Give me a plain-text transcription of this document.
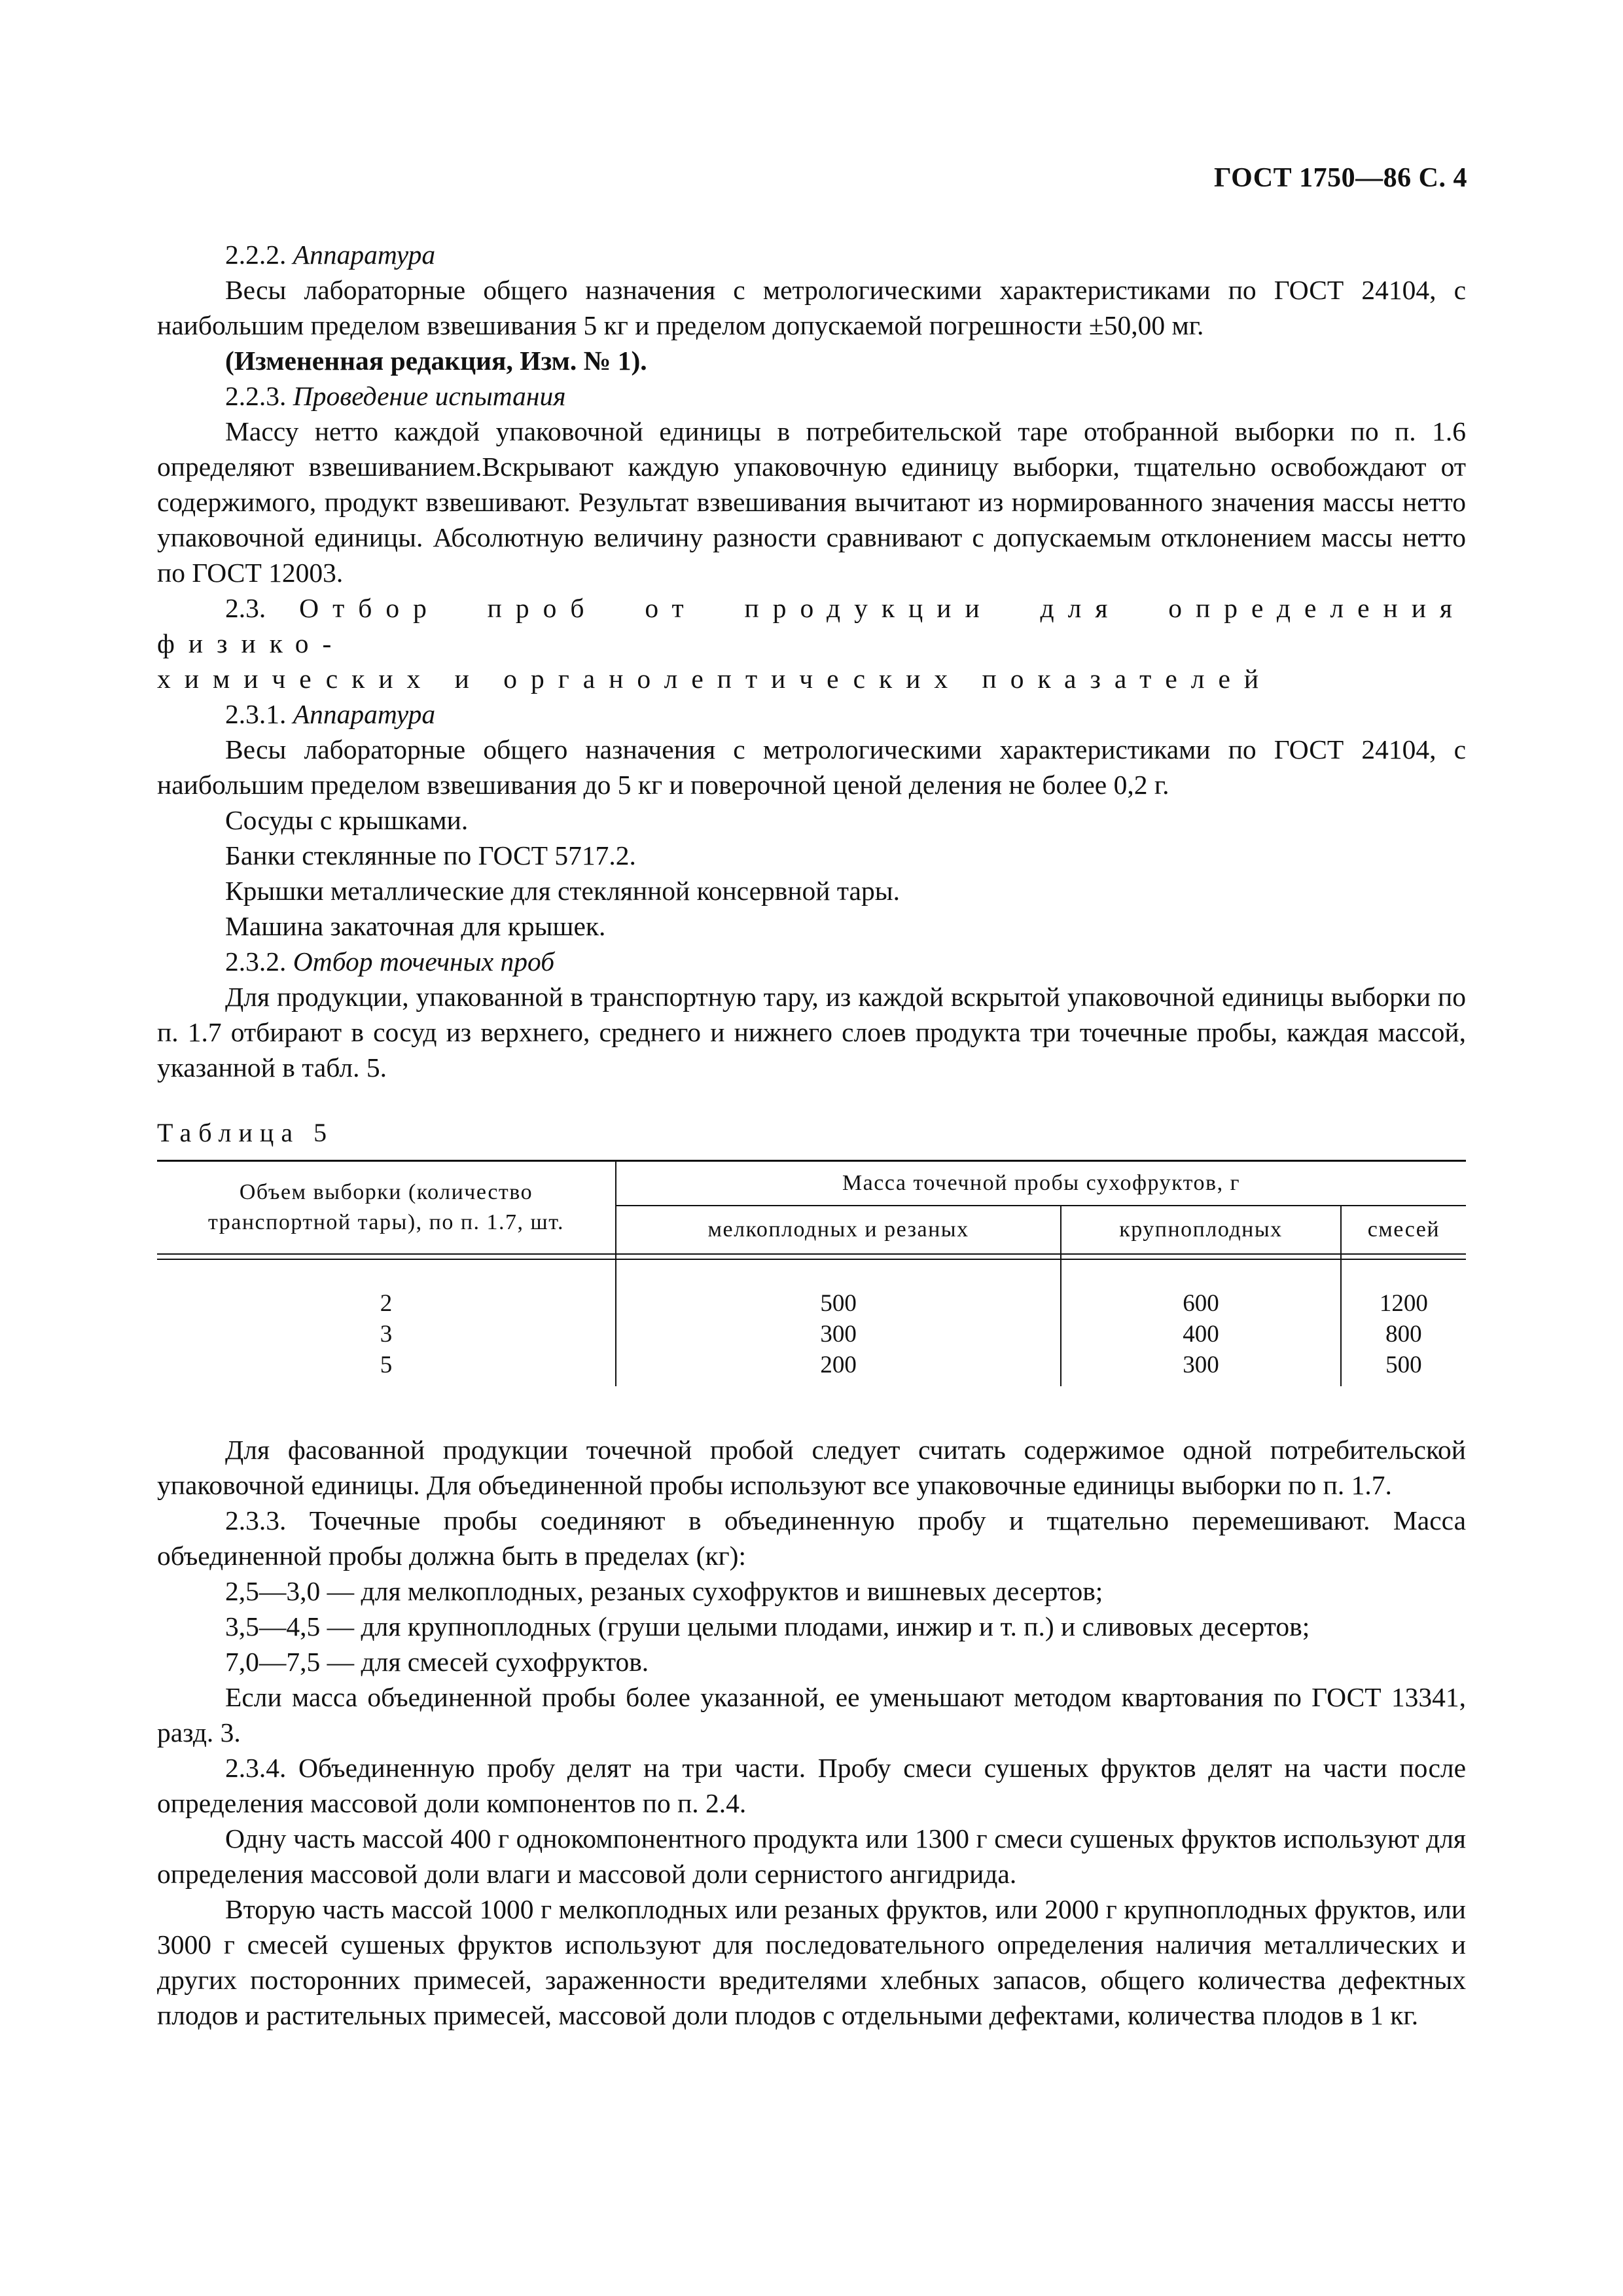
ГОСТ 1750—86 С. 4

2.2.2. Аппаратура

Весы лабораторные общего назначения с метрологическими характеристиками по ГОСТ 24104, с наибольшим пределом взвешивания 5 кг и пределом допускаемой погрешности ±50,00 мг.

(Измененная редакция, Изм. № 1).

2.2.3. Проведение испытания

Массу нетто каждой упаковочной единицы в потребительской таре отобранной выборки по п. 1.6 определяют взвешиванием.Вскрывают каждую упаковочную единицу выборки, тщательно освобождают от содержимого, продукт взвешивают. Результат взвешивания вычитают из нормированного значения массы нетто упаковочной единицы. Абсолютную величину разности сравнивают с допускаемым отклонением массы нетто по ГОСТ 12003.

2.3. Отбор проб от продукции для определения физико-

химических и органолептических показателей

2.3.1. Аппаратура

Весы лабораторные общего назначения с метрологическими характеристиками по ГОСТ 24104, с наибольшим пределом взвешивания до 5 кг и поверочной ценой деления не более 0,2 г.

Сосуды с крышками.

Банки стеклянные по ГОСТ 5717.2.

Крышки металлические для стеклянной консервной тары.

Машина закаточная для крышек.

2.3.2. Отбор точечных проб

Для продукции, упакованной в транспортную тару, из каждой вскрытой упаковочной единицы выборки по п. 1.7 отбирают в сосуд из верхнего, среднего и нижнего слоев продукта три точечные пробы, каждая массой, указанной в табл. 5.

Таблица 5

Объем выборки (количество транспортной тары), по п. 1.7, шт.	Масса точечной пробы сухофруктов, г		
	мелкоплодных и резаных	крупноплодных	смесей

2	500	600	1200
3	300	400	800
5	200	300	500

Для фасованной продукции точечной пробой следует считать содержимое одной потребительской упаковочной единицы. Для объединенной пробы используют все упаковочные единицы выборки по п. 1.7.

2.3.3. Точечные пробы соединяют в объединенную пробу и тщательно перемешивают. Масса объединенной пробы должна быть в пределах (кг):

2,5—3,0 — для мелкоплодных, резаных сухофруктов и вишневых десертов;

3,5—4,5 — для крупноплодных (груши целыми плодами, инжир и т. п.) и сливовых десертов;

7,0—7,5 — для смесей сухофруктов.

Если масса объединенной пробы более указанной, ее уменьшают методом квартования по ГОСТ 13341, разд. 3.

2.3.4. Объединенную пробу делят на три части. Пробу смеси сушеных фруктов делят на части после определения массовой доли компонентов по п. 2.4.

Одну часть массой 400 г однокомпонентного продукта или 1300 г смеси сушеных фруктов используют для определения массовой доли влаги и массовой доли сернистого ангидрида.

Вторую часть массой 1000 г мелкоплодных или резаных фруктов, или 2000 г крупноплодных фруктов, или 3000 г смесей сушеных фруктов используют для последовательного определения наличия металлических и других посторонних примесей, зараженности вредителями хлебных запасов, общего количества дефектных плодов и растительных примесей, массовой доли плодов с отдельными дефектами, количества плодов в 1 кг.
